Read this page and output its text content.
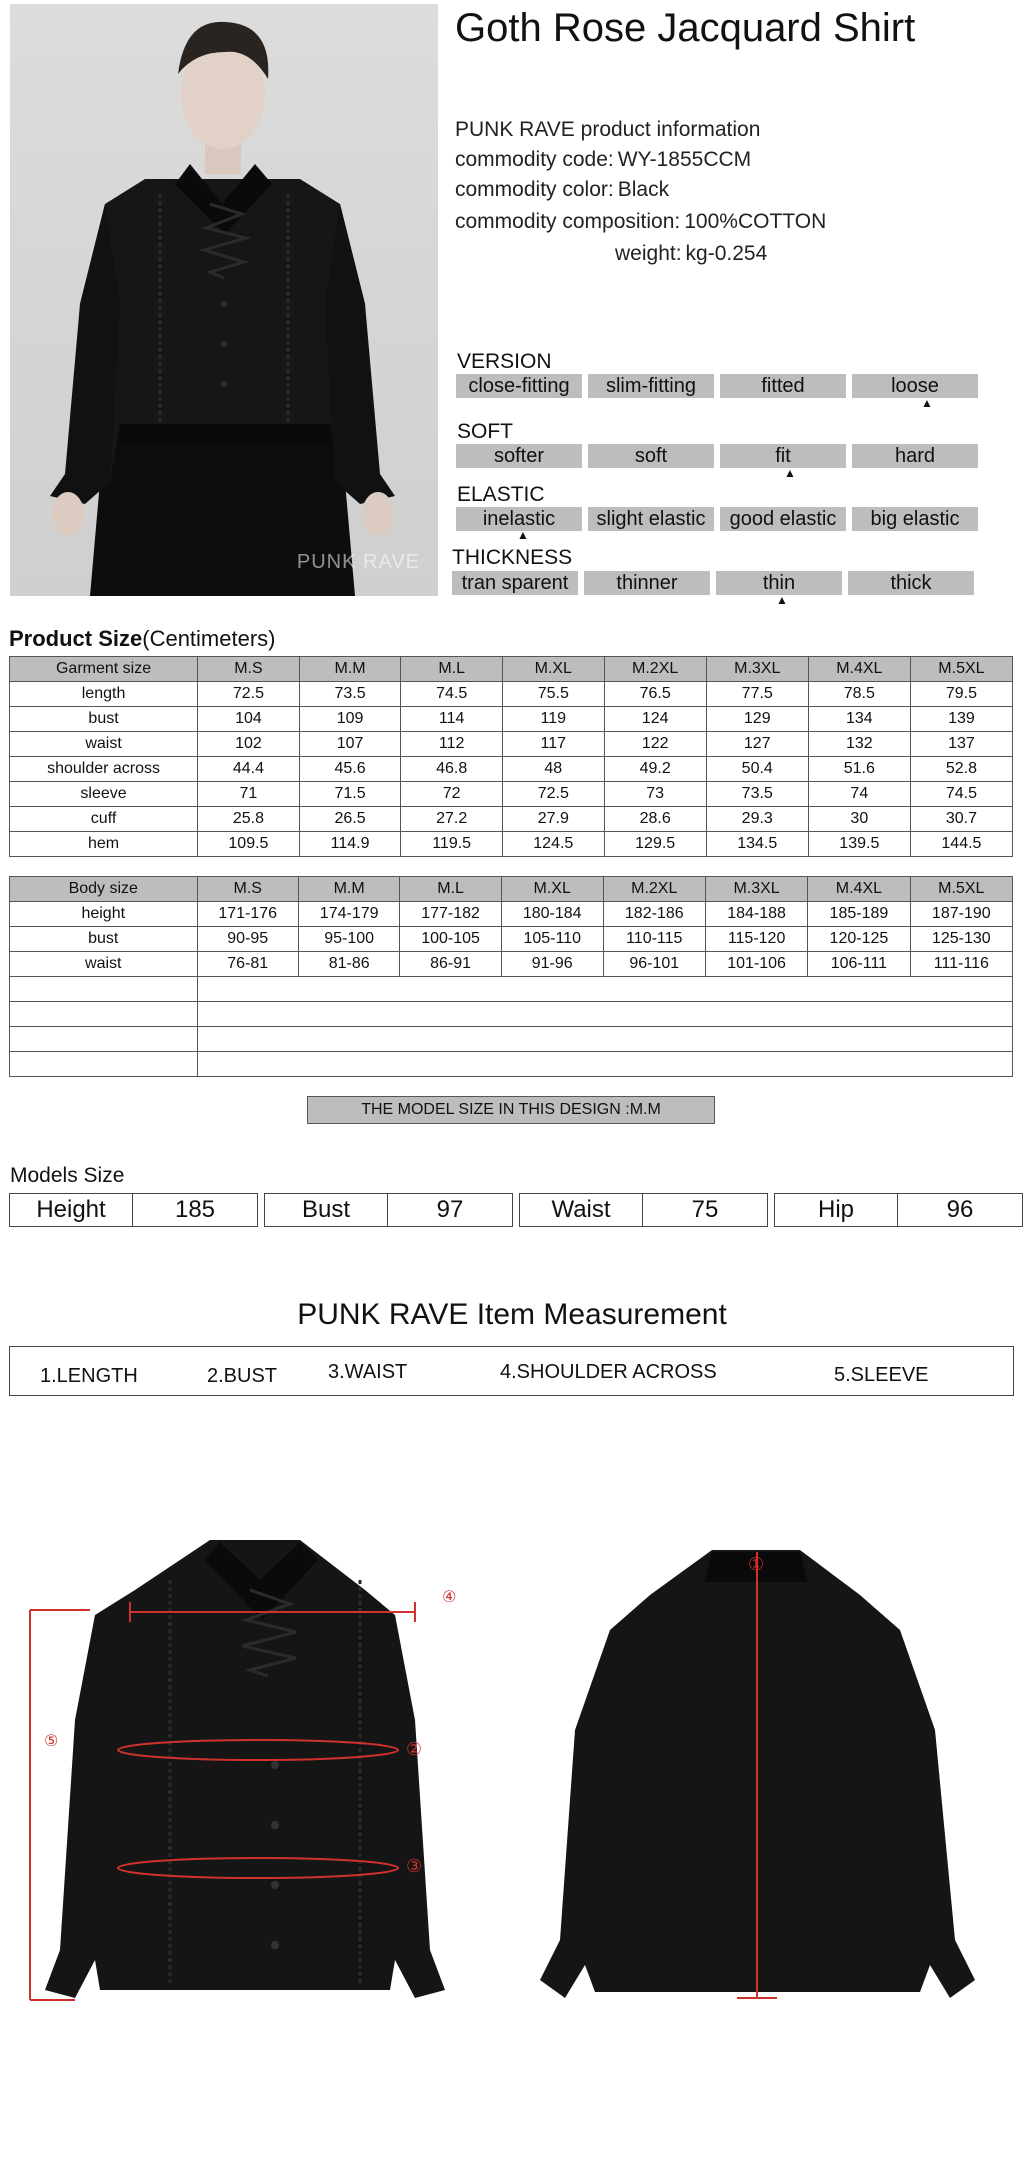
PUNK RAVE
Goth Rose Jacquard Shirt
PUNK RAVE product information
commodity code: WY-1855CCM
commodity color: Black
commodity composition: 100%COTTON
weight: kg-0.254
VERSION
close-fitting	slim-fitting	fitted	loose
▲
SOFT
softer	soft	fit	hard
▲
ELASTIC
inelastic	slight elastic	good elastic	big elastic
▲
THICKNESS
tran sparent	thinner	thin	thick
▲
Product Size(Centimeters)
Garment size	M.S	M.M	M.L	M.XL	M.2XL	M.3XL	M.4XL	M.5XL
length	72.5	73.5	74.5	75.5	76.5	77.5	78.5	79.5
bust	104	109	114	119	124	129	134	139
waist	102	107	112	117	122	127	132	137
shoulder across	44.4	45.6	46.8	48	49.2	50.4	51.6	52.8
sleeve	71	71.5	72	72.5	73	73.5	74	74.5
cuff	25.8	26.5	27.2	27.9	28.6	29.3	30	30.7
hem	109.5	114.9	119.5	124.5	129.5	134.5	139.5	144.5
Body size	M.S	M.M	M.L	M.XL	M.2XL	M.3XL	M.4XL	M.5XL
height	171-176	174-179	177-182	180-184	182-186	184-188	185-189	187-190
bust	90-95	95-100	100-105	105-110	110-115	115-120	120-125	125-130
waist	76-81	81-86	86-91	91-96	96-101	101-106	106-111	111-116

THE MODEL SIZE IN THIS DESIGN :M.M
Models Size
Height	185	Bust	97	Waist	75	Hip	96
PUNK RAVE Item Measurement
1.LENGTH	2.BUST	3.WAIST	4.SHOULDER ACROSS	5.SLEEVE
④
②
③
⑤
①
